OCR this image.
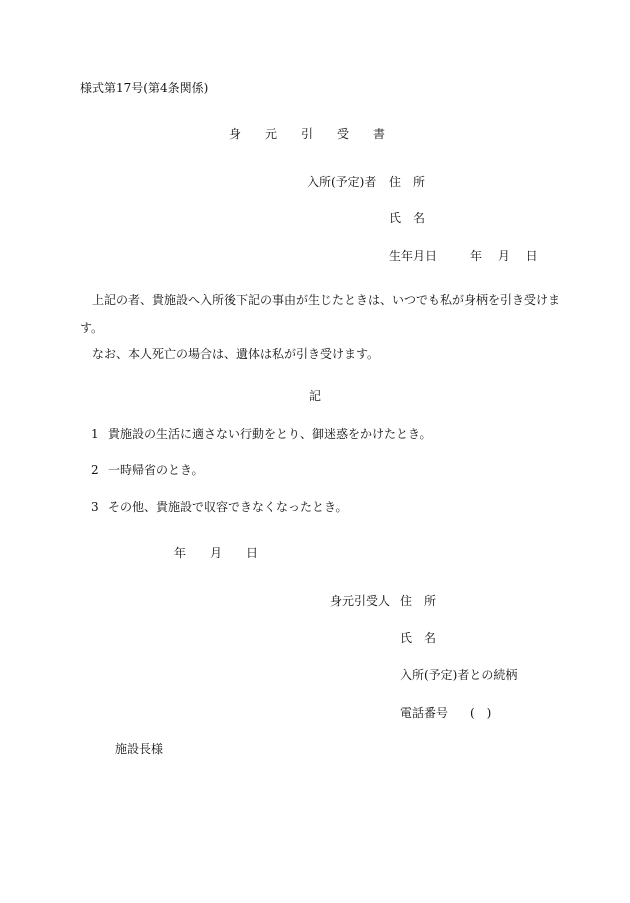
様式第17号(第4条関係)
身　　元　　引　　受　　書
入所(予定)者 住　所
氏　名
生年月日	年　 月　 日
上記の者、貴施設へ入所後下記の事由が生じたときは、いつでも私が身柄を引き受けま
す。
なお、本人死亡の場合は、遺体は私が引き受けます。
記
1 貴施設の生活に適さない行動をとり、御迷惑をかけたとき。
2 一時帰省のとき。
3 その他、貴施設で収容できなくなったとき。
年　　月　　日
身元引受人 住　所
氏　名
入所(予定)者との続柄
電話番号 (　)
施設長様
